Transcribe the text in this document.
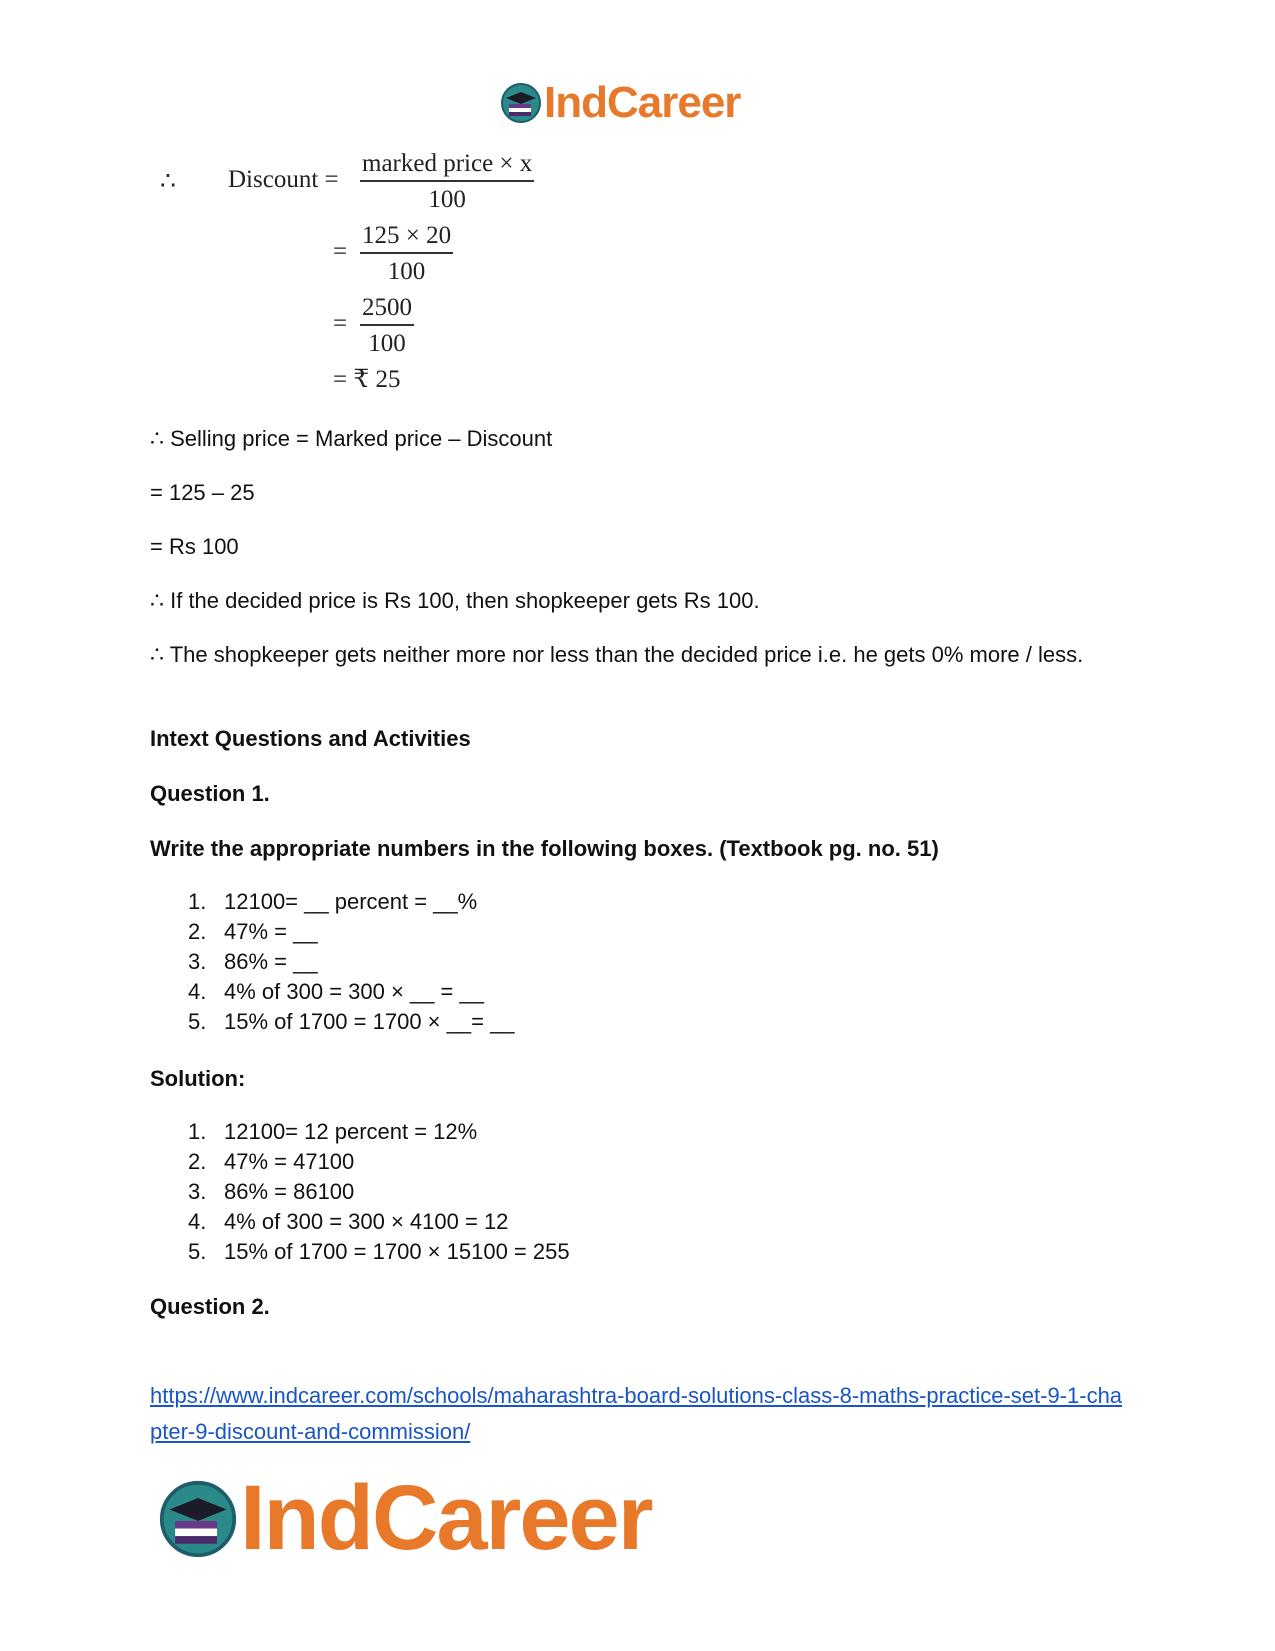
IndCareer
∴ Discount =
marked price × x
100
=
125 × 20
100
=
2500
100
= ₹ 25

∴ Selling price = Marked price – Discount

= 125 – 25

= Rs 100

∴ If the decided price is Rs 100, then shopkeeper gets Rs 100.

∴ The shopkeeper gets neither more nor less than the decided price i.e. he gets 0% more / less.

Intext Questions and Activities

Question 1.

Write the appropriate numbers in the following boxes. (Textbook pg. no. 51)

1. 12100= __ percent = __%
2. 47% = __
3. 86% = __
4. 4% of 300 = 300 × __ = __
5. 15% of 1700 = 1700 × __= __

Solution:

1. 12100= 12 percent = 12%
2. 47% = 47100
3. 86% = 86100
4. 4% of 300 = 300 × 4100 = 12
5. 15% of 1700 = 1700 × 15100 = 255

Question 2.

https://www.indcareer.com/schools/maharashtra-board-solutions-class-8-maths-practice-set-9-1-chapter-9-discount-and-commission/
IndCareer
